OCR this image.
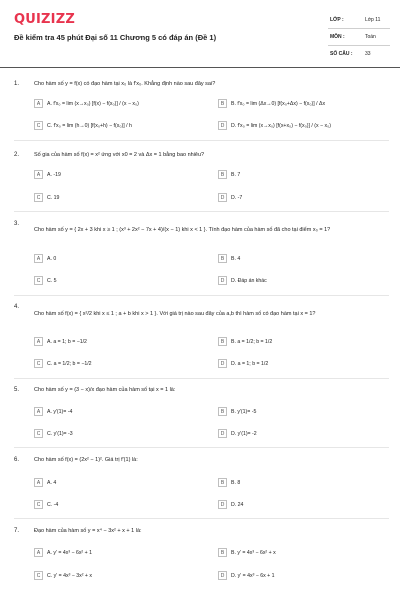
QUIZIZZ
Đề kiểm tra 45 phút Đại số 11 Chương 5 có đáp án (Đề 1)
LỚP :	Lớp 11
MÔN :	Toán
SỐ CÂU :	33
1.	Cho hàm số y = f(x) có đạo hàm tại x₀ là f'x₀. Khẳng định nào sau đây sai?
A	A. f'x₀ = lim (x→x₀) [f(x) − f(x₀)] / (x − x₀)	B	B. f'x₀ = lim (Δx→0) [f(x₀+Δx) − f(x₀)] / Δx
C	C. f'x₀ = lim (h→0) [f(x₀+h) − f(x₀)] / h	D	D. f'x₀ = lim (x→x₀) [f(x+x₀) − f(x₀)] / (x − x₀)
2.	Số gia của hàm số f(x) = x² ứng với x0 = 2 và Δx = 1 bằng bao nhiêu?
A	A. -19	B	B. 7
C	C. 19	D	D. -7
3.
Cho hàm số y = { 2x + 3 khi x ≥ 1 ; (x³ + 2x² − 7x + 4)/(x − 1) khi x < 1 }. Tính đạo hàm của hàm số đã cho tại điểm x₀ = 1?
A	A. 0	B	B. 4
C	C. 5	D	D. Đáp án khác
4.
Cho hàm số f(x) = { x²/2 khi x ≤ 1 ; a + b khi x > 1 }. Với giá trị nào sau đây của a,b thì hàm số có đạo hàm tại x = 1?
A	A. a = 1; b = −1/2	B	B. a = 1/2; b = 1/2
C	C. a = 1/2; b = −1/2	D	D. a = 1; b = 1/2
5.	Cho hàm số y = (3 − x)/x đạo hàm của hàm số tại x = 1 là:
A	A. y'(1)= -4	B	B. y'(1)= -5
C	C. y'(1)= -3	D	D. y'(1)= -2
6.	Cho hàm số f(x) = (2x² − 1)². Giá trị f'(1) là:
A	A. 4	B	B. 8
C	C. -4	D	D. 24
7.	Đạo hàm của hàm số y = x⁴ − 3x² + x + 1 là:
A	A. y' = 4x³ − 6x² + 1	B	B. y' = 4x³ − 6x² + x
C	C. y' = 4x³ − 3x² + x	D	D. y' = 4x³ − 6x + 1
